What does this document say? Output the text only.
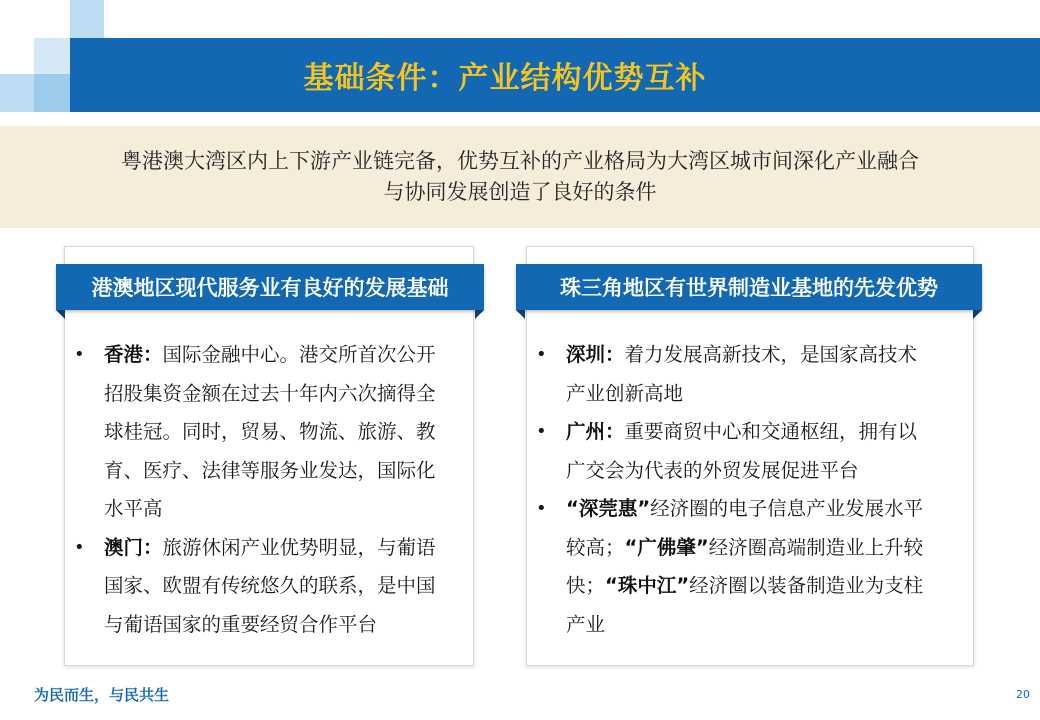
基础条件：产业结构优势互补
粤港澳大湾区内上下游产业链完备，优势互补的产业格局为大湾区城市间深化产业融合
与协同发展创造了良好的条件
港澳地区现代服务业有良好的发展基础
• 香港：国际金融中心。港交所首次公开招股集资金额在过去十年内六次摘得全球桂冠。同时，贸易、物流、旅游、教育、医疗、法律等服务业发达，国际化水平高
• 澳门：旅游休闲产业优势明显，与葡语国家、欧盟有传统悠久的联系，是中国与葡语国家的重要经贸合作平台
珠三角地区有世界制造业基地的先发优势
• 深圳：着力发展高新技术，是国家高技术产业创新高地
• 广州：重要商贸中心和交通枢纽，拥有以广交会为代表的外贸发展促进平台
• “深莞惠”经济圈的电子信息产业发展水平较高；“广佛肇”经济圈高端制造业上升较快；“珠中江”经济圈以装备制造业为支柱产业
为民而生，与民共生	20
